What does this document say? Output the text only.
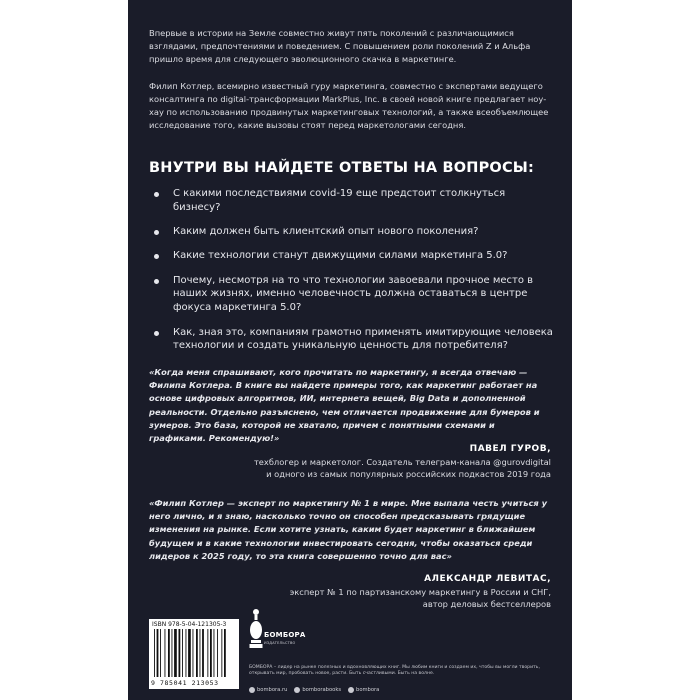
Впервые в истории на Земле совместно живут пять поколений с различающимися взглядами, предпочтениями и поведением. С повышением роли поколений Z и Альфа пришло время для следующего эволюционного скачка в маркетинге.

Филип Котлер, всемирно известный гуру маркетинга, совместно с экспертами ведущего консалтинга по digital-трансформации MarkPlus, Inc. в своей новой книге предлагает ноу-хау по использованию продвинутых маркетинговых технологий, а также всеобъемлющее исследование того, какие вызовы стоят перед маркетологами сегодня.

ВНУТРИ ВЫ НАЙДЕТЕ ОТВЕТЫ НА ВОПРОСЫ:
С какими последствиями covid-19 еще предстоит столкнуться бизнесу?
Каким должен быть клиентский опыт нового поколения?
Какие технологии станут движущими силами маркетинга 5.0?
Почему, несмотря на то что технологии завоевали прочное место в наших жизнях, именно человечность должна оставаться в центре фокуса маркетинга 5.0?
Как, зная это, компаниям грамотно применять имитирующие человека технологии и создать уникальную ценность для потребителя?
«Когда меня спрашивают, кого прочитать по маркетингу, я всегда отвечаю — Филипа Котлера. В книге вы найдете примеры того, как маркетинг работает на основе цифровых алгоритмов, ИИ, интернета вещей, Big Data и дополненной реальности. Отдельно разъяснено, чем отличается продвижение для бумеров и зумеров. Это база, которой не хватало, причем с понятными схемами и графиками. Рекомендую!»
ПАВЕЛ ГУРОВ,
техблогер и маркетолог. Создатель телеграм-канала @gurovdigital
и одного из самых популярных российских подкастов 2019 года
«Филип Котлер — эксперт по маркетингу № 1 в мире. Мне выпала честь учиться у него лично, и я знаю, насколько точно он способен предсказывать грядущие изменения на рынке. Если хотите узнать, каким будет маркетинг в ближайшем будущем и в какие технологии инвестировать сегодня, чтобы оказаться среди лидеров к 2025 году, то эта книга совершенно точно для вас»
АЛЕКСАНДР ЛЕВИТАС,
эксперт № 1 по партизанскому маркетингу в России и СНГ,
автор деловых бестселлеров
ISBN 978-5-04-121305-3
9 785041 213053
БОМБОРА
ИЗДАТЕЛЬСТВО
БОМБОРА – лидер на рынке полезных и вдохновляющих книг. Мы любим книги и создаем их, чтобы вы могли творить, открывать мир, пробовать новое, расти. Быть счастливыми. Быть на волне.
bombora.ru	bomborabooks	bombora
